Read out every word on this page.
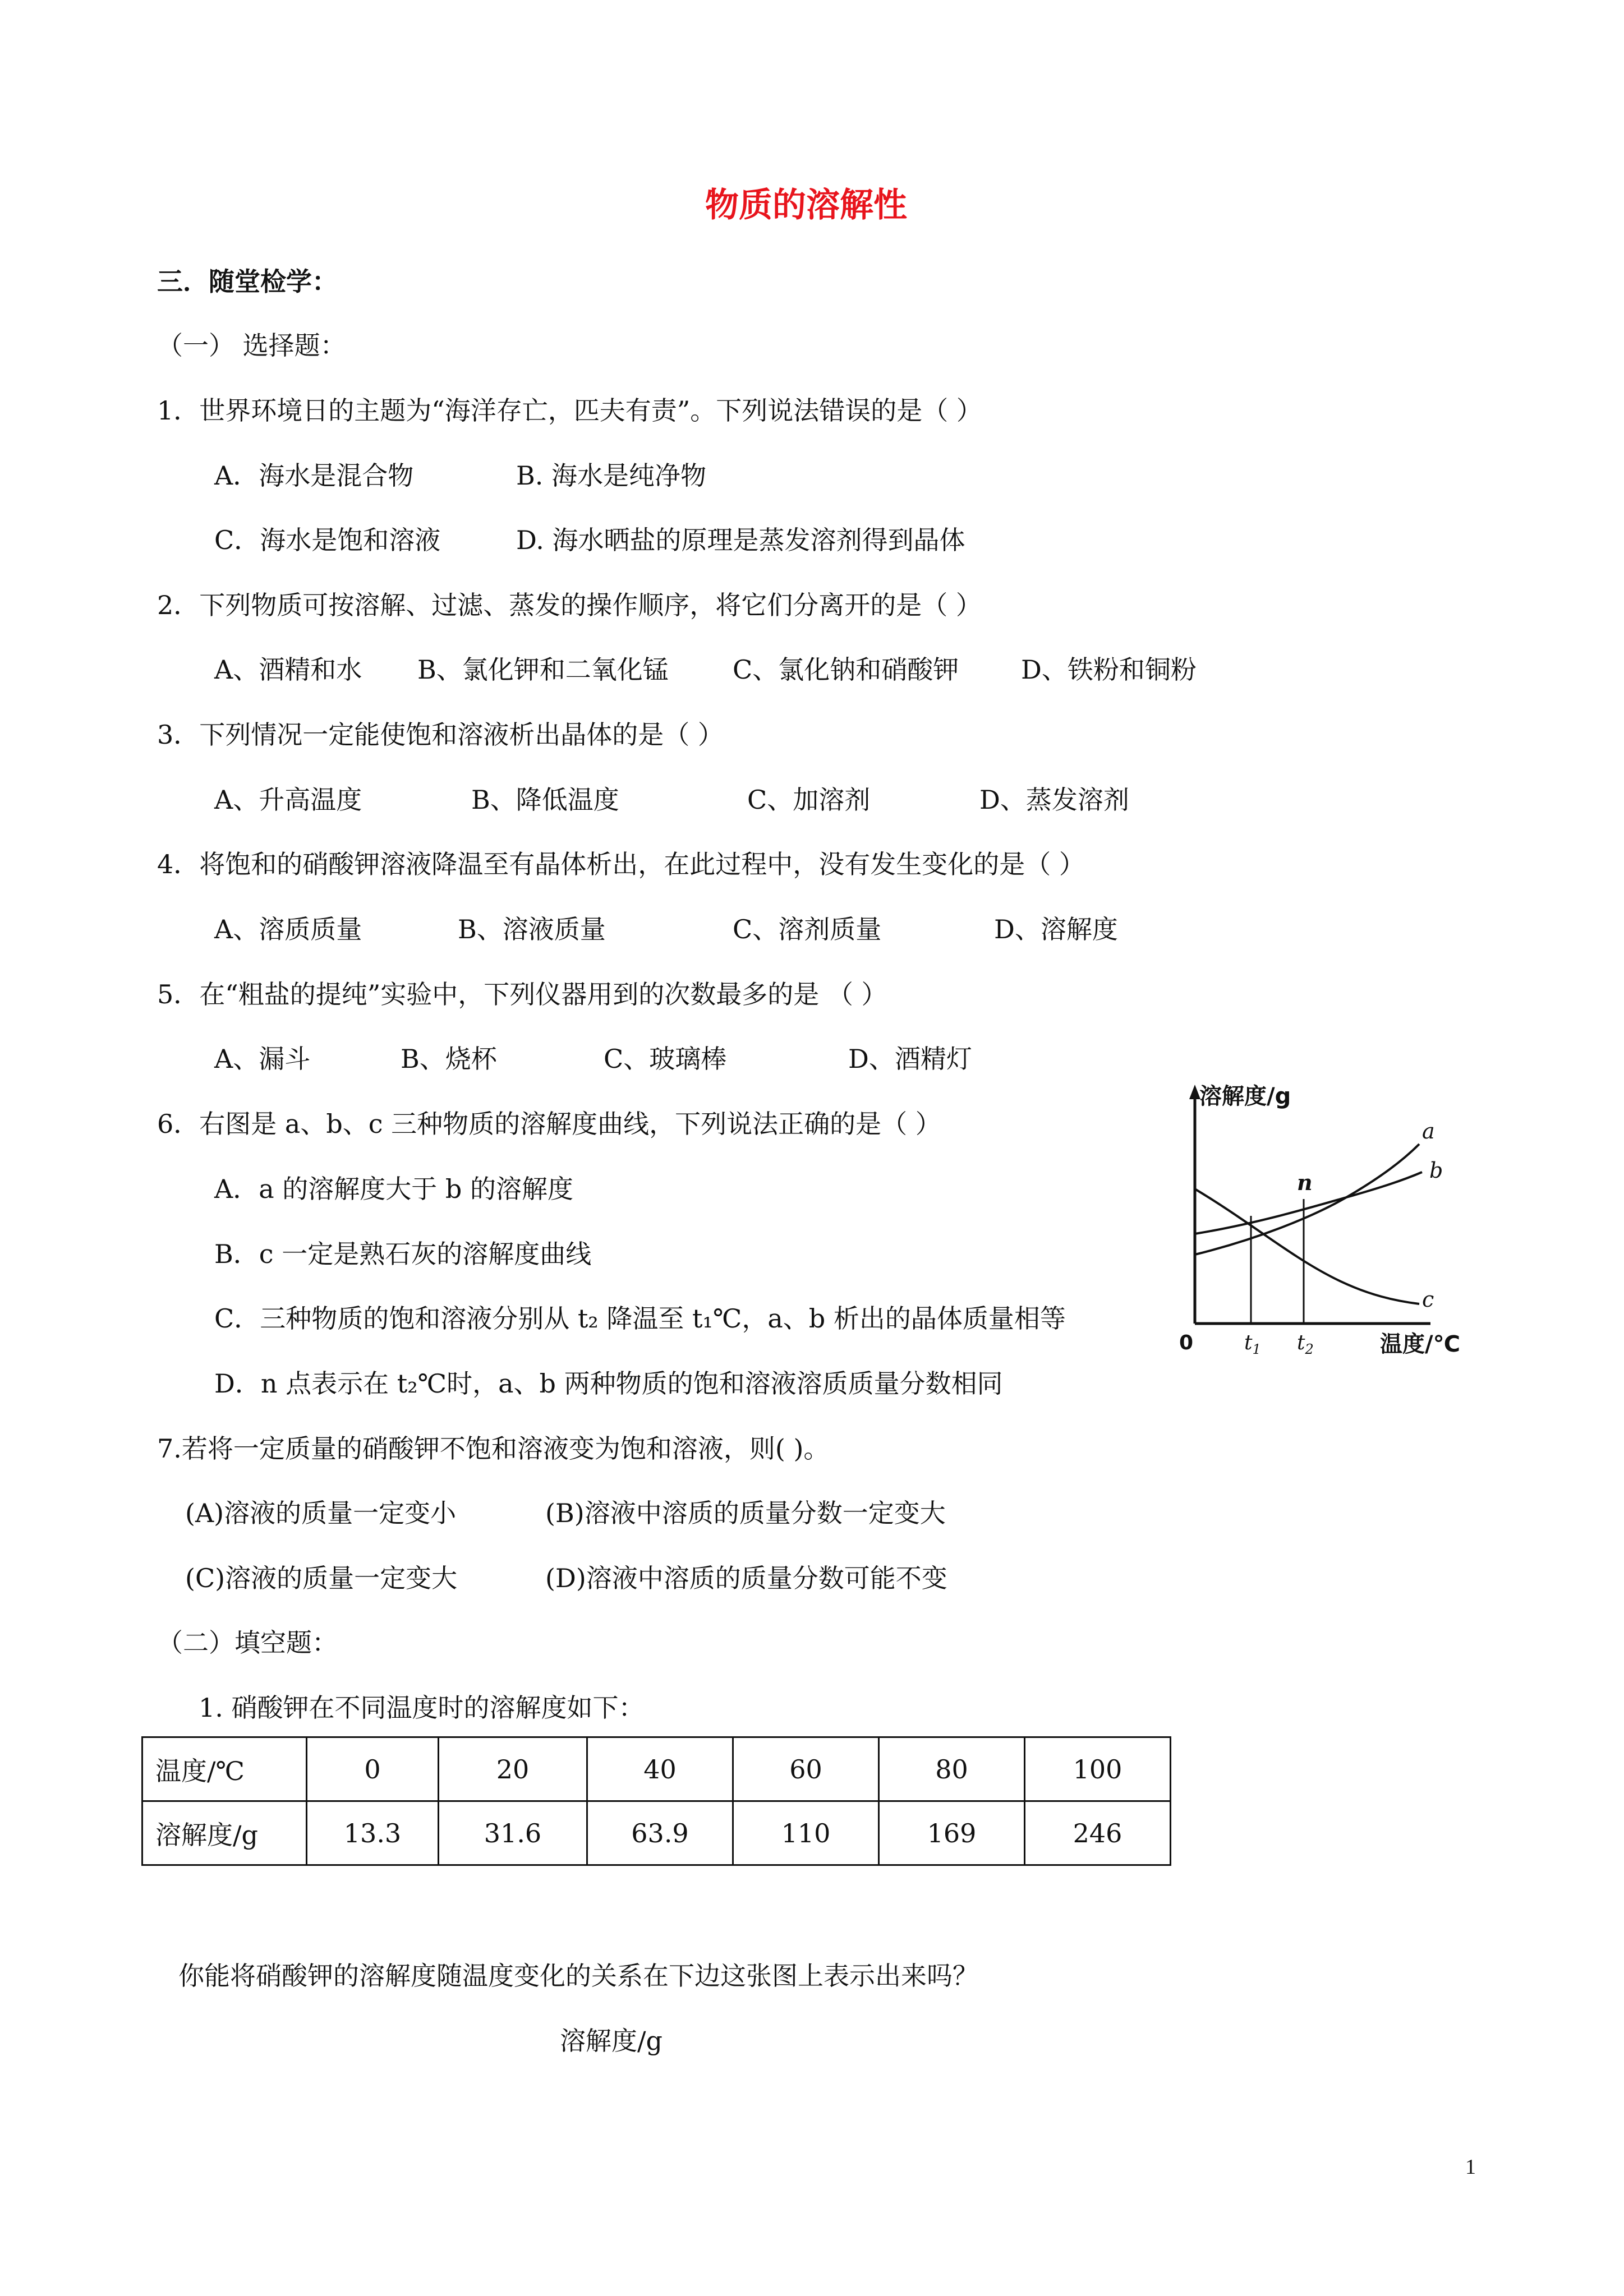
物质的溶解性
三．随堂检学：
（一） 选择题：
1．世界环境日的主题为“海洋存亡，匹夫有责”。下列说法错误的是（ ）
A．海水是混合物	B. 海水是纯净物
C．海水是饱和溶液	D. 海水晒盐的原理是蒸发溶剂得到晶体
2．下列物质可按溶解、过滤、蒸发的操作顺序，将它们分离开的是（ ）
A、酒精和水 B、氯化钾和二氧化锰 C、氯化钠和硝酸钾 D、铁粉和铜粉
3．下列情况一定能使饱和溶液析出晶体的是（ ）
A、升高温度	B、降低温度	C、加溶剂	D、蒸发溶剂
4．将饱和的硝酸钾溶液降温至有晶体析出，在此过程中，没有发生变化的是（ ）
A、溶质质量	B、溶液质量	C、溶剂质量	D、溶解度
5．在“粗盐的提纯”实验中，下列仪器用到的次数最多的是 （ ）
A、漏斗	B、烧杯	C、玻璃棒	D、酒精灯
6．右图是 a、b、c 三种物质的溶解度曲线，下列说法正确的是（ ）
A．a 的溶解度大于 b 的溶解度
B．c 一定是熟石灰的溶解度曲线
C．三种物质的饱和溶液分别从 t₂ 降温至 t₁℃，a、b 析出的晶体质量相等
D．n 点表示在 t₂℃时，a、b 两种物质的饱和溶液溶质质量分数相同
溶解度/g
温度/℃
0	$t_1$ $t_2$
a
b
c
n
7.若将一定质量的硝酸钾不饱和溶液变为饱和溶液，则( )。
(A)溶液的质量一定变小	(B)溶液中溶质的质量分数一定变大
(C)溶液的质量一定变大	(D)溶液中溶质的质量分数可能不变
（二）填空题：
1. 硝酸钾在不同温度时的溶解度如下：
温度/℃	0	20	40	60	80	100
溶解度/g	13.3	31.6	63.9	110	169	246
你能将硝酸钾的溶解度随温度变化的关系在下边这张图上表示出来吗？
溶解度/g
1
